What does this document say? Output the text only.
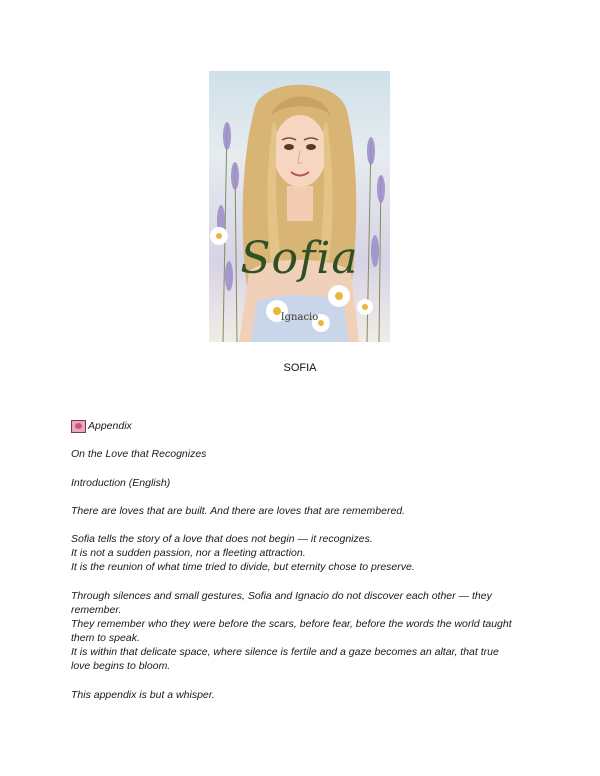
Sofia
Ignacio
SOFIA
Appendix
On the Love that Recognizes
Introduction (English)
There are loves that are built. And there are loves that are remembered.
Sofia tells the story of a love that does not begin — it recognizes.
It is not a sudden passion, nor a fleeting attraction.
It is the reunion of what time tried to divide, but eternity chose to preserve.
Through silences and small gestures, Sofia and Ignacio do not discover each other — they
remember.
They remember who they were before the scars, before fear, before the words the world taught
them to speak.
It is within that delicate space, where silence is fertile and a gaze becomes an altar, that true
love begins to bloom.
This appendix is but a whisper.
